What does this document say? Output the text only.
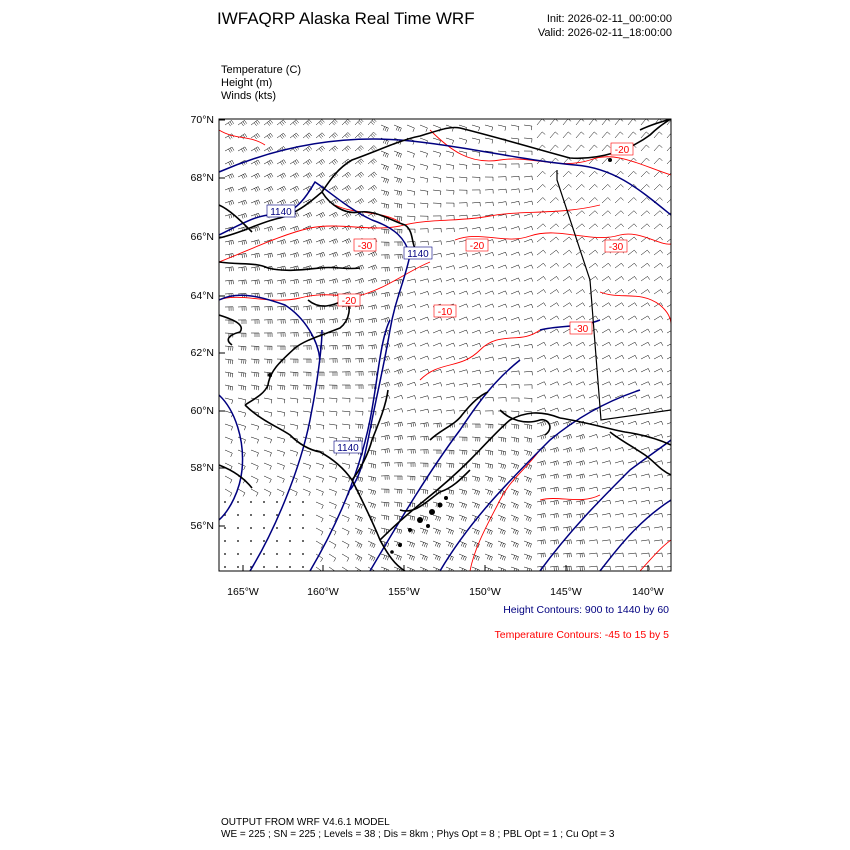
IWFAQRP Alaska Real Time WRF	Init: 2026-02-11_00:00:00
Valid: 2026-02-11_18:00:00
Temperature (C)
Height (m)
Winds (kts)
1140
1140
1140
-30	-20	-30
-20
-10
-30
-20
70°N
68°N
66°N
64°N
62°N
60°N
58°N
56°N
165°W	160°W	155°W	150°W	145°W	140°W
Height Contours: 900 to 1440 by 60
Temperature Contours: -45 to 15 by 5
OUTPUT FROM WRF V4.6.1 MODEL
WE = 225 ; SN = 225 ; Levels = 38 ; Dis = 8km ; Phys Opt = 8 ; PBL Opt = 1 ; Cu Opt = 3
